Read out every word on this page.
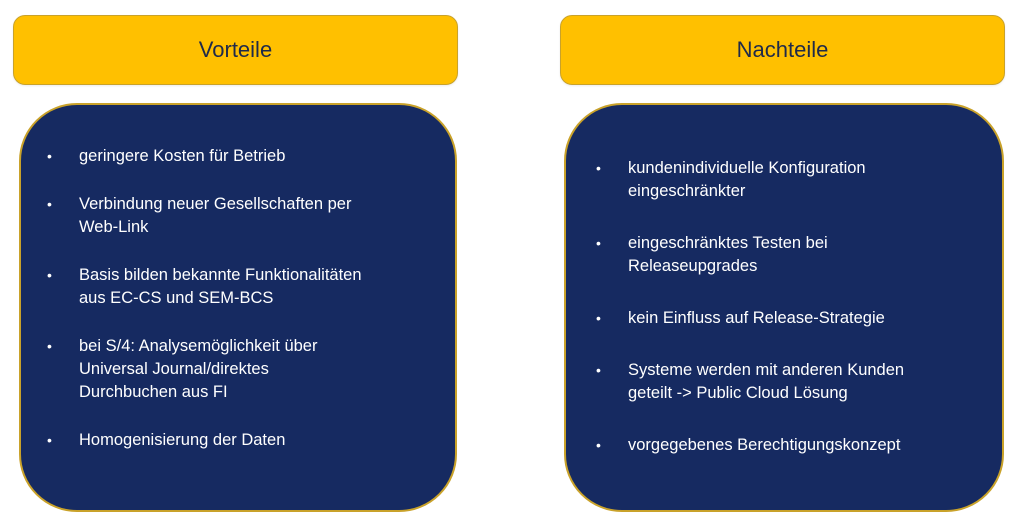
Vorteile	Nachteile
• geringere Kosten für Betrieb
• Verbindung neuer Gesellschaften per
Web-Link
• Basis bilden bekannte Funktionalitäten
aus EC-CS und SEM-BCS
• bei S/4: Analysemöglichkeit über
Universal Journal/direktes
Durchbuchen aus FI
• Homogenisierung der Daten
• kundenindividuelle Konfiguration
eingeschränkter
• eingeschränktes Testen bei
Releaseupgrades
• kein Einfluss auf Release-Strategie
• Systeme werden mit anderen Kunden
geteilt -> Public Cloud Lösung
• vorgegebenes Berechtigungskonzept
